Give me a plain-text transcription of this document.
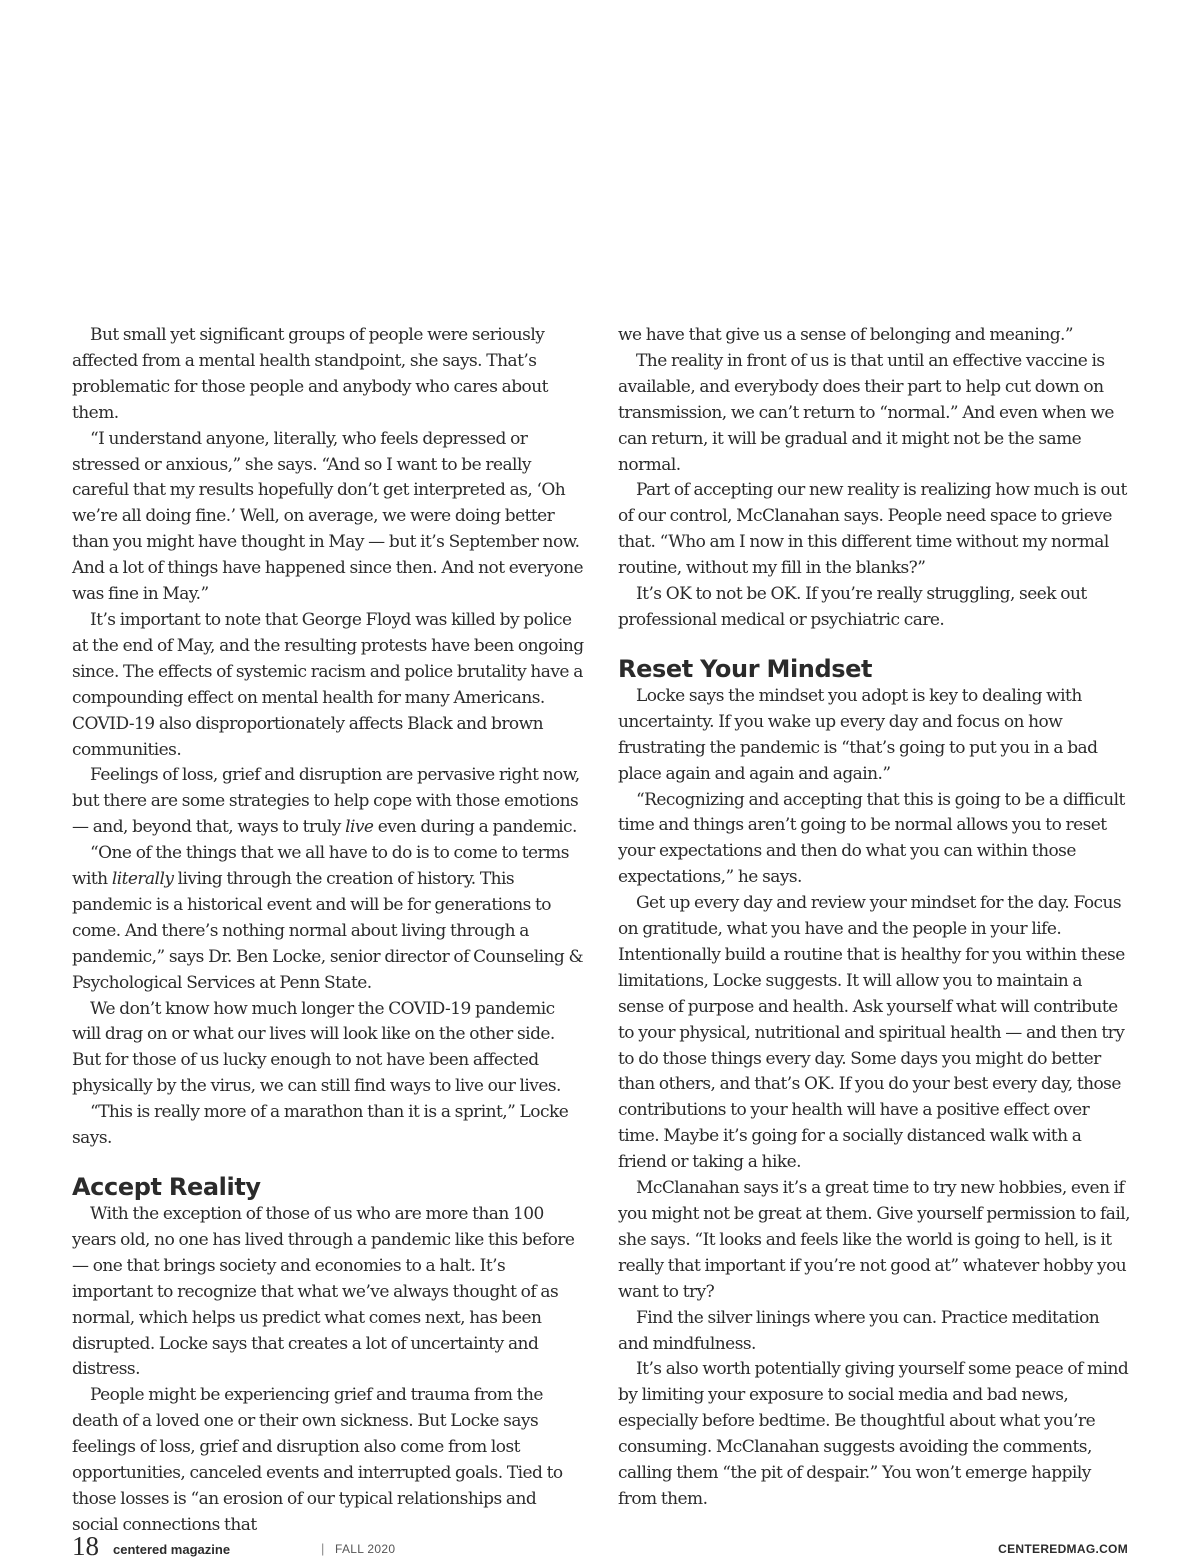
But small yet significant groups of people were seriously affected from a mental health standpoint, she says. That’s problematic for those people and anybody who cares about them.

“I understand anyone, literally, who feels depressed or stressed or anxious,” she says. “And so I want to be really careful that my results hopefully don’t get interpreted as, ‘Oh we’re all doing fine.’ Well, on average, we were doing better than you might have thought in May — but it’s September now. And a lot of things have happened since then. And not everyone was fine in May.”

It’s important to note that George Floyd was killed by police at the end of May, and the resulting protests have been ongoing since. The effects of systemic racism and police brutality have a compounding effect on mental health for many Americans. COVID-19 also disproportionately affects Black and brown communities.

Feelings of loss, grief and disruption are pervasive right now, but there are some strategies to help cope with those emotions — and, beyond that, ways to truly live even during a pandemic.

“One of the things that we all have to do is to come to terms with literally living through the creation of history. This pandemic is a historical event and will be for generations to come. And there’s nothing normal about living through a pandemic,” says Dr. Ben Locke, senior director of Counseling & Psychological Services at Penn State.

We don’t know how much longer the COVID-19 pandemic will drag on or what our lives will look like on the other side. But for those of us lucky enough to not have been affected physically by the virus, we can still find ways to live our lives.

“This is really more of a marathon than it is a sprint,” Locke says.

Accept Reality

With the exception of those of us who are more than 100 years old, no one has lived through a pandemic like this before — one that brings society and economies to a halt. It’s important to recognize that what we’ve always thought of as normal, which helps us predict what comes next, has been disrupted. Locke says that creates a lot of uncertainty and distress.

People might be experiencing grief and trauma from the death of a loved one or their own sickness. But Locke says feelings of loss, grief and disruption also come from lost opportunities, canceled events and interrupted goals. Tied to those losses is “an erosion of our typical relationships and social connections that

we have that give us a sense of belonging and meaning.”

The reality in front of us is that until an effective vaccine is available, and everybody does their part to help cut down on transmission, we can’t return to “normal.” And even when we can return, it will be gradual and it might not be the same normal.

Part of accepting our new reality is realizing how much is out of our control, McClanahan says. People need space to grieve that. “Who am I now in this different time without my normal routine, without my fill in the blanks?”

It’s OK to not be OK. If you’re really struggling, seek out professional medical or psychiatric care.

Reset Your Mindset

Locke says the mindset you adopt is key to dealing with uncertainty. If you wake up every day and focus on how frustrating the pandemic is “that’s going to put you in a bad place again and again and again.”

“Recognizing and accepting that this is going to be a difficult time and things aren’t going to be normal allows you to reset your expectations and then do what you can within those expectations,” he says.

Get up every day and review your mindset for the day. Focus on gratitude, what you have and the people in your life. Intentionally build a routine that is healthy for you within these limitations, Locke suggests. It will allow you to maintain a sense of purpose and health. Ask yourself what will contribute to your physical, nutritional and spiritual health — and then try to do those things every day. Some days you might do better than others, and that’s OK. If you do your best every day, those contributions to your health will have a positive effect over time. Maybe it’s going for a socially distanced walk with a friend or taking a hike.

McClanahan says it’s a great time to try new hobbies, even if you might not be great at them. Give yourself permission to fail, she says. “It looks and feels like the world is going to hell, is it really that important if you’re not good at” whatever hobby you want to try?

Find the silver linings where you can. Practice meditation and mindfulness.

It’s also worth potentially giving yourself some peace of mind by limiting your exposure to social media and bad news, especially before bedtime. Be thoughtful about what you’re consuming. McClanahan suggests avoiding the comments, calling them “the pit of despair.” You won’t emerge happily from them.

18 centered magazine	| FALL 2020	CENTEREDMAG.COM
